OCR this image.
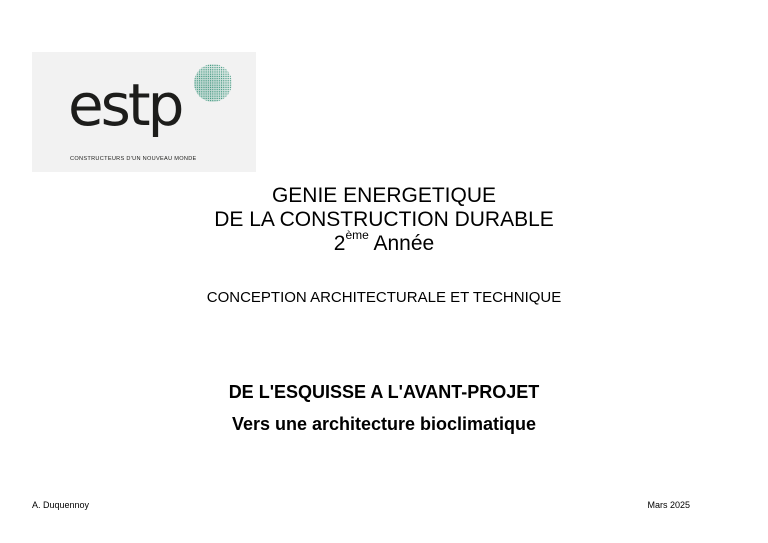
estp
CONSTRUCTEURS D'UN NOUVEAU MONDE
GENIE ENERGETIQUE
DE LA CONSTRUCTION DURABLE
2ème Année
CONCEPTION ARCHITECTURALE ET TECHNIQUE
DE L'ESQUISSE A L'AVANT-PROJET
Vers une architecture bioclimatique
A. Duquennoy	Mars 2025
